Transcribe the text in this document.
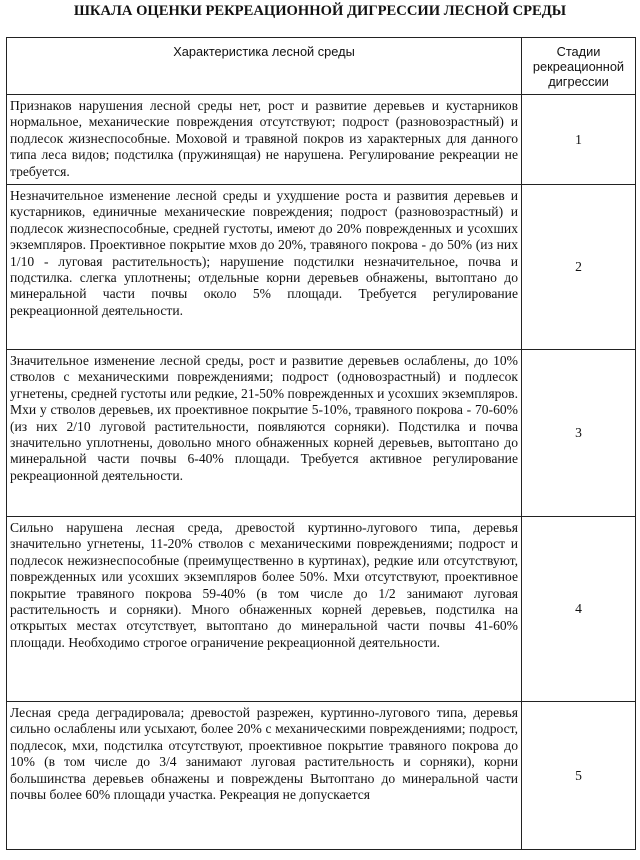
ШКАЛА ОЦЕНКИ РЕКРЕАЦИОННОЙ ДИГРЕССИИ ЛЕСНОЙ СРЕДЫ
Характеристика лесной среды	Стадии
рекреационной
дигрессии

Признаков нарушения лесной среды нет, рост и развитие деревьев и кустарников нормальное, механические повреждения отсутствуют; подрост (разновозрастный) и подлесок жизнеспособные. Моховой и травяной покров из характерных для данного типа леса видов; подстилка (пружинящая) не нарушена. Регулирование рекреации не требуется.	1
Незначительное изменение лесной среды и ухудшение роста и развития деревьев и кустарников, единичные механические повреждения; подрост (разновозрастный) и подлесок жизнеспособные, средней густоты, имеют до 20% поврежденных и усохших экземпляров. Проективное покрытие мхов до 20%, травяного покрова - до 50% (из них 1/10 - луговая растительность); нарушение подстилки незначительное, почва и подстилка. слегка уплотнены; отдельные корни деревьев обнажены, вытоптано до минеральной части почвы около 5% площади. Требуется регулирование рекреационной деятельности.	2
Значительное изменение лесной среды, рост и развитие деревьев ослаблены, до 10% стволов с механическими повреждениями; подрост (одновозрастный) и подлесок угнетены, средней густоты или редкие, 21-50% поврежденных и усохших экземпляров. Мхи у стволов деревьев, их проективное покрытие 5-10%, травяного покрова - 70-60% (из них 2/10 луговой растительности, появляются сорняки). Подстилка и почва значительно уплотнены, довольно много обнаженных корней деревьев, вытоптано до минеральной части почвы 6-40% площади. Требуется активное регулирование рекреационной деятельности.	3
Сильно нарушена лесная среда, древостой куртинно-лугового типа, деревья значительно угнетены, 11-20% стволов с механическими повреждениями; подрост и подлесок нежизнеспособные (преимущественно в куртинах), редкие или отсутствуют, поврежденных или усохших экземпляров более 50%. Мхи отсутствуют, проективное покрытие травяного покрова 59-40% (в том числе до 1/2 занимают луговая растительность и сорняки). Много обнаженных корней деревьев, подстилка на открытых местах отсутствует, вытоптано до минеральной части почвы 41-60% площади. Необходимо строгое ограничение рекреационной деятельности.	4
Лесная среда деградировала; древостой разрежен, куртинно-лугового типа, деревья сильно ослаблены или усыхают, более 20% с механическими повреждениями; подрост, подлесок, мхи, подстилка отсутствуют, проективное покрытие травяного покрова до 10% (в том числе до 3/4 занимают луговая растительность и сорняки), корни большинства деревьев обнажены и повреждены Вытоптано до минеральной части почвы более 60% площади участка. Рекреация не допускается	5
